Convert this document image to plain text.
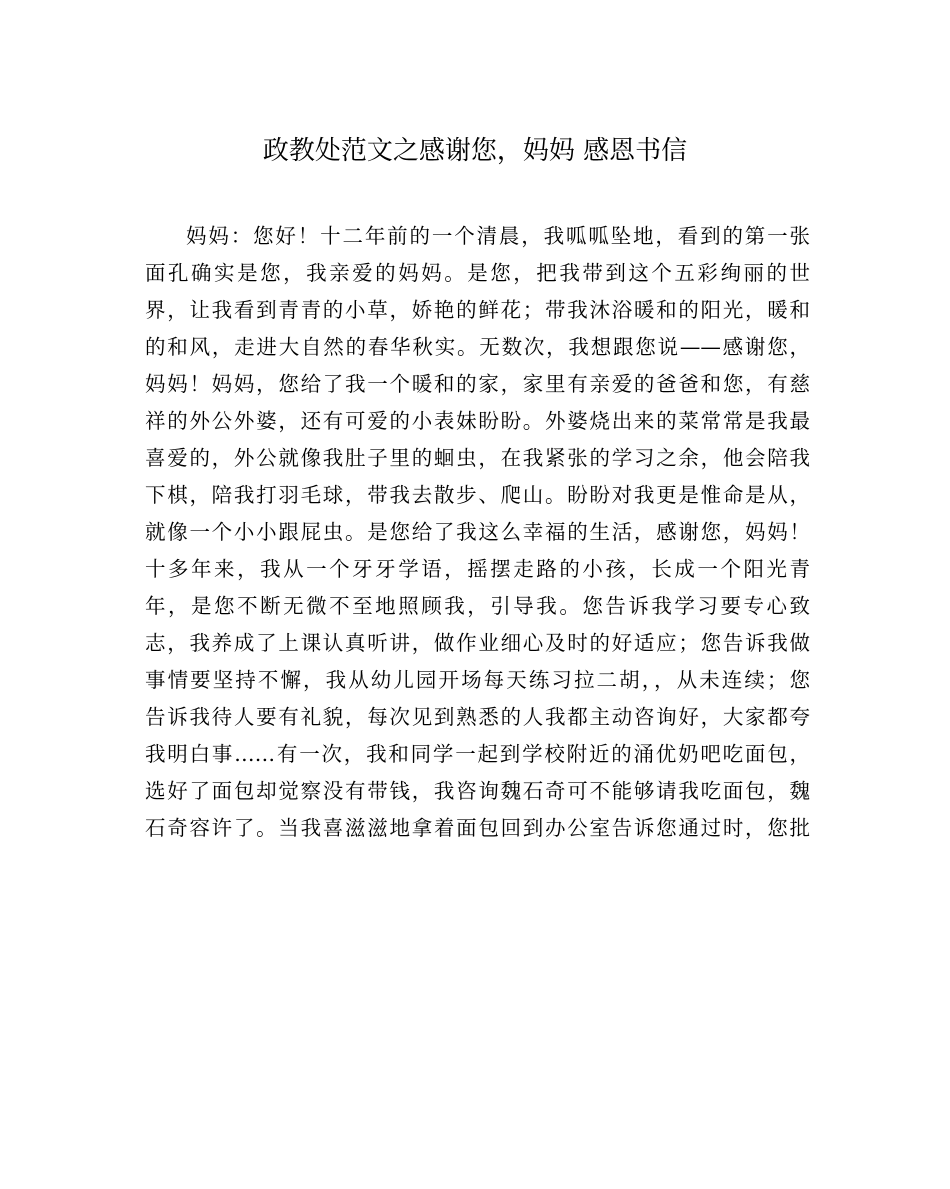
政教处范文之感谢您，妈妈 感恩书信
妈妈：您好！十二年前的一个清晨，我呱呱坠地，看到的第一张
面孔确实是您，我亲爱的妈妈。是您，把我带到这个五彩绚丽的世
界，让我看到青青的小草，娇艳的鲜花；带我沐浴暖和的阳光，暖和
的和风，走进大自然的春华秋实。无数次，我想跟您说——感谢您，
妈妈！妈妈，您给了我一个暖和的家，家里有亲爱的爸爸和您，有慈
祥的外公外婆，还有可爱的小表妹盼盼。外婆烧出来的菜常常是我最
喜爱的，外公就像我肚子里的蛔虫，在我紧张的学习之余，他会陪我
下棋，陪我打羽毛球，带我去散步、爬山。盼盼对我更是惟命是从，
就像一个小小跟屁虫。是您给了我这么幸福的生活，感谢您，妈妈！
十多年来，我从一个牙牙学语，摇摆走路的小孩，长成一个阳光青
年，是您不断无微不至地照顾我，引导我。您告诉我学习要专心致
志，我养成了上课认真听讲，做作业细心及时的好适应；您告诉我做
事情要坚持不懈，我从幼儿园开场每天练习拉二胡，，从未连续；您
告诉我待人要有礼貌，每次见到熟悉的人我都主动咨询好，大家都夸
我明白事……有一次，我和同学一起到学校附近的涌优奶吧吃面包，
选好了面包却觉察没有带钱，我咨询魏石奇可不能够请我吃面包，魏
石奇容许了。当我喜滋滋地拿着面包回到办公室告诉您通过时，您批
